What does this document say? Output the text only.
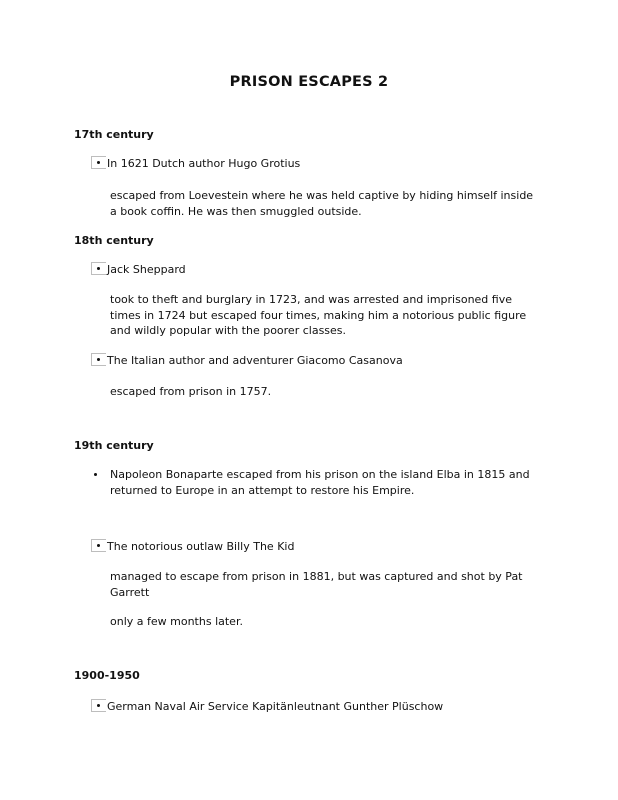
PRISON ESCAPES 2
17th century
In 1621 Dutch author Hugo Grotius
escaped from Loevestein where he was held captive by hiding himself inside a book coffin. He was then smuggled outside.
18th century
Jack Sheppard
took to theft and burglary in 1723, and was arrested and imprisoned five times in 1724 but escaped four times, making him a notorious public figure and wildly popular with the poorer classes.
The Italian author and adventurer Giacomo Casanova
escaped from prison in 1757.
19th century
Napoleon Bonaparte escaped from his prison on the island Elba in 1815 and returned to Europe in an attempt to restore his Empire.
The notorious outlaw Billy The Kid
managed to escape from prison in 1881, but was captured and shot by Pat Garrett
only a few months later.
1900-1950
German Naval Air Service Kapitänleutnant Gunther Plüschow
